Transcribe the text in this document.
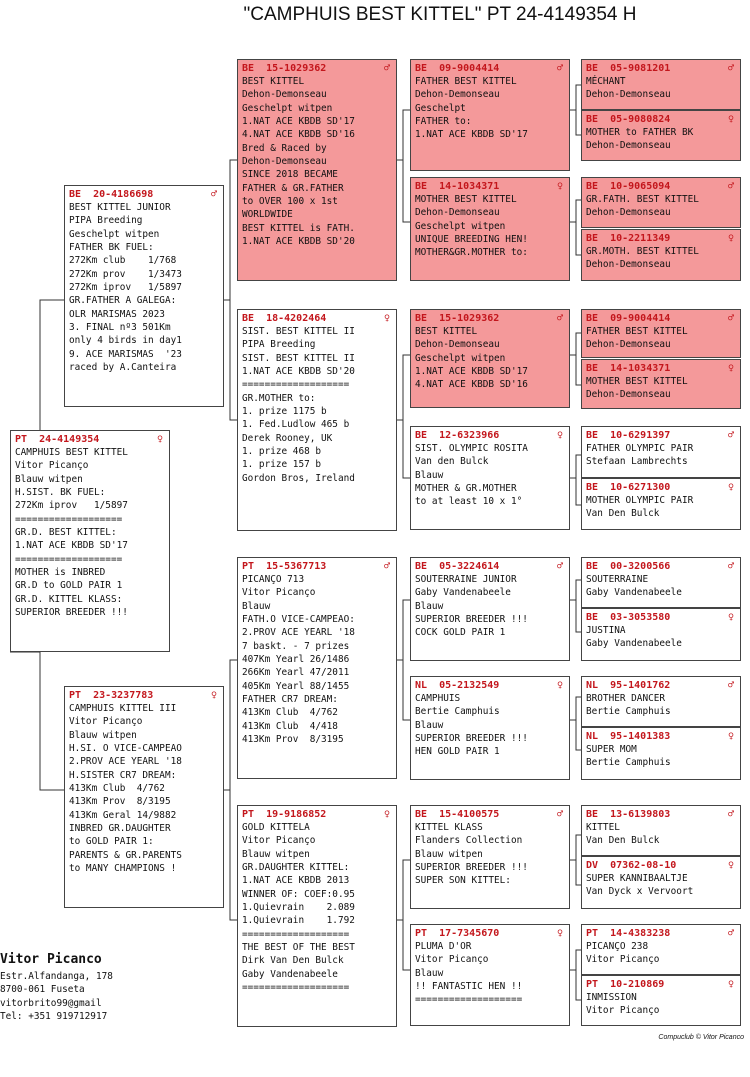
"CAMPHUIS BEST KITTEL" PT 24-4149354 H
PT  24-4149354	♀
CAMPHUIS BEST KITTEL
Vitor Picanço
Blauw witpen
H.SIST. BK FUEL:
272Km iprov   1/5897
===================
GR.D. BEST KITTEL:
1.NAT ACE KBDB SD'17
===================
MOTHER is INBRED
GR.D to GOLD PAIR 1
GR.D. KITTEL KLASS:
SUPERIOR BREEDER !!!
BE  20-4186698	♂
BEST KITTEL JUNIOR
PIPA Breeding
Geschelpt witpen
FATHER BK FUEL:
272Km club    1/768
272Km prov    1/3473
272Km iprov   1/5897
GR.FATHER A GALEGA:
OLR MARISMAS 2023
3. FINAL nº3 501Km
only 4 birds in day1
9. ACE MARISMAS  '23
raced by A.Canteira
PT  23-3237783	♀
CAMPHUIS KITTEL III
Vitor Picanço
Blauw witpen
H.SI. O VICE-CAMPEAO
2.PROV ACE YEARL '18
H.SISTER CR7 DREAM:
413Km Club  4/762
413Km Prov  8/3195
413Km Geral 14/9882
INBRED GR.DAUGHTER
to GOLD PAIR 1:
PARENTS & GR.PARENTS
to MANY CHAMPIONS !
BE  15-1029362	♂
BEST KITTEL
Dehon-Demonseau
Geschelpt witpen
1.NAT ACE KBDB SD'17
4.NAT ACE KBDB SD'16
Bred & Raced by
Dehon-Demonseau
SINCE 2018 BECAME
FATHER & GR.FATHER
to OVER 100 x 1st
WORLDWIDE
BEST KITTEL is FATH.
1.NAT ACE KBDB SD'20
BE  18-4202464	♀
SIST. BEST KITTEL II
PIPA Breeding
SIST. BEST KITTEL II
1.NAT ACE KBDB SD'20
===================
GR.MOTHER to:
1. prize 1175 b
1. Fed.Ludlow 465 b
Derek Rooney, UK
1. prize 468 b
1. prize 157 b
Gordon Bros, Ireland
PT  15-5367713	♂
PICANÇO 713
Vitor Picanço
Blauw
FATH.O VICE-CAMPEAO:
2.PROV ACE YEARL '18
7 baskt. - 7 prizes
407Km Yearl 26/1486
266Km Yearl 47/2011
405Km Yearl 88/1455
FATHER CR7 DREAM:
413Km Club  4/762
413Km Club  4/418
413Km Prov  8/3195
PT  19-9186852	♀
GOLD KITTELA
Vitor Picanço
Blauw witpen
GR.DAUGHTER KITTEL:
1.NAT ACE KBDB 2013
WINNER OF: COEF:0.95
1.Quievrain    2.089
1.Quievrain    1.792
===================
THE BEST OF THE BEST
Dirk Van Den Bulck
Gaby Vandenabeele
===================
BE  09-9004414	♂
FATHER BEST KITTEL
Dehon-Demonseau
Geschelpt
FATHER to:
1.NAT ACE KBDB SD'17
BE  14-1034371	♀
MOTHER BEST KITTEL
Dehon-Demonseau
Geschelpt witpen
UNIQUE BREEDING HEN!
MOTHER&GR.MOTHER to:
BE  15-1029362	♂
BEST KITTEL
Dehon-Demonseau
Geschelpt witpen
1.NAT ACE KBDB SD'17
4.NAT ACE KBDB SD'16
BE  12-6323966	♀
SIST. OLYMPIC ROSITA
Van den Bulck
Blauw
MOTHER & GR.MOTHER
to at least 10 x 1°
BE  05-3224614	♂
SOUTERRAINE JUNIOR
Gaby Vandenabeele
Blauw
SUPERIOR BREEDER !!!
COCK GOLD PAIR 1
NL  05-2132549	♀
CAMPHUIS
Bertie Camphuis
Blauw
SUPERIOR BREEDER !!!
HEN GOLD PAIR 1
BE  15-4100575	♂
KITTEL KLASS
Flanders Collection
Blauw witpen
SUPERIOR BREEDER !!!
SUPER SON KITTEL:
PT  17-7345670	♀
PLUMA D'OR
Vitor Picanço
Blauw
!! FANTASTIC HEN !!
===================
BE  05-9081201	♂
MÉCHANT
Dehon-Demonseau
BE  05-9080824	♀
MOTHER to FATHER BK
Dehon-Demonseau
BE  10-9065094	♂
GR.FATH. BEST KITTEL
Dehon-Demonseau
BE  10-2211349	♀
GR.MOTH. BEST KITTEL
Dehon-Demonseau
BE  09-9004414	♂
FATHER BEST KITTEL
Dehon-Demonseau
BE  14-1034371	♀
MOTHER BEST KITTEL
Dehon-Demonseau
BE  10-6291397	♂
FATHER OLYMPIC PAIR
Stefaan Lambrechts
BE  10-6271300	♀
MOTHER OLYMPIC PAIR
Van Den Bulck
BE  00-3200566	♂
SOUTERRAINE
Gaby Vandenabeele
BE  03-3053580	♀
JUSTINA
Gaby Vandenabeele
NL  95-1401762	♂
BROTHER DANCER
Bertie Camphuis
NL  95-1401383	♀
SUPER MOM
Bertie Camphuis
BE  13-6139803	♂
KITTEL
Van Den Bulck
DV  07362-08-10	♀
SUPER KANNIBAALTJE
Van Dyck x Vervoort
PT  14-4383238	♂
PICANÇO 238
Vitor Picanço
PT  10-210869	♀
INMISSION
Vitor Picanço
Vitor Picanco
Estr.Alfandanga, 178
8700-061 Fuseta
vitorbrito99@gmail
Tel: +351 919712917
Compuclub © Vitor Picanco
